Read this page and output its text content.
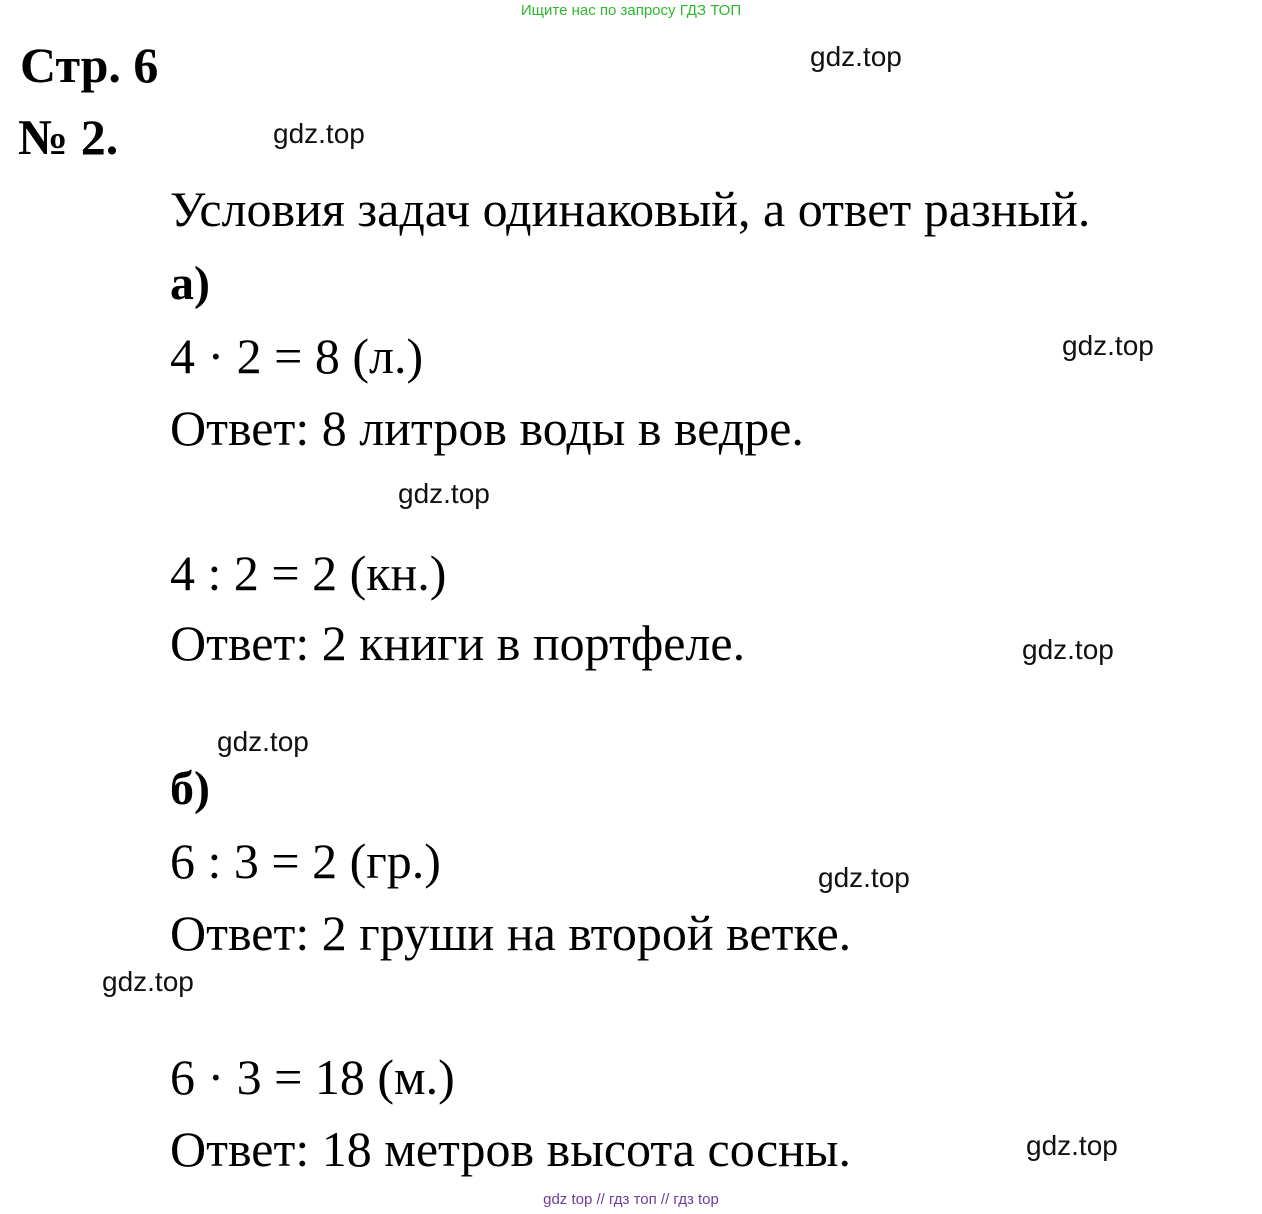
Ищите нас по запросу ГДЗ ТОП
Стр. 6
№ 2.
Условия задач одинаковый, а ответ разный.
а)
4 · 2 = 8 (л.)
Ответ: 8 литров воды в ведре.
4 : 2 = 2 (кн.)
Ответ: 2 книги в портфеле.
б)
6 : 3 = 2 (гр.)
Ответ: 2 груши на второй ветке.
6 · 3 = 18 (м.)
Ответ: 18 метров высота сосны.
gdz.top
gdz.top
gdz.top
gdz.top
gdz.top
gdz.top
gdz.top
gdz.top
gdz.top
gdz top // гдз топ // гдз top
